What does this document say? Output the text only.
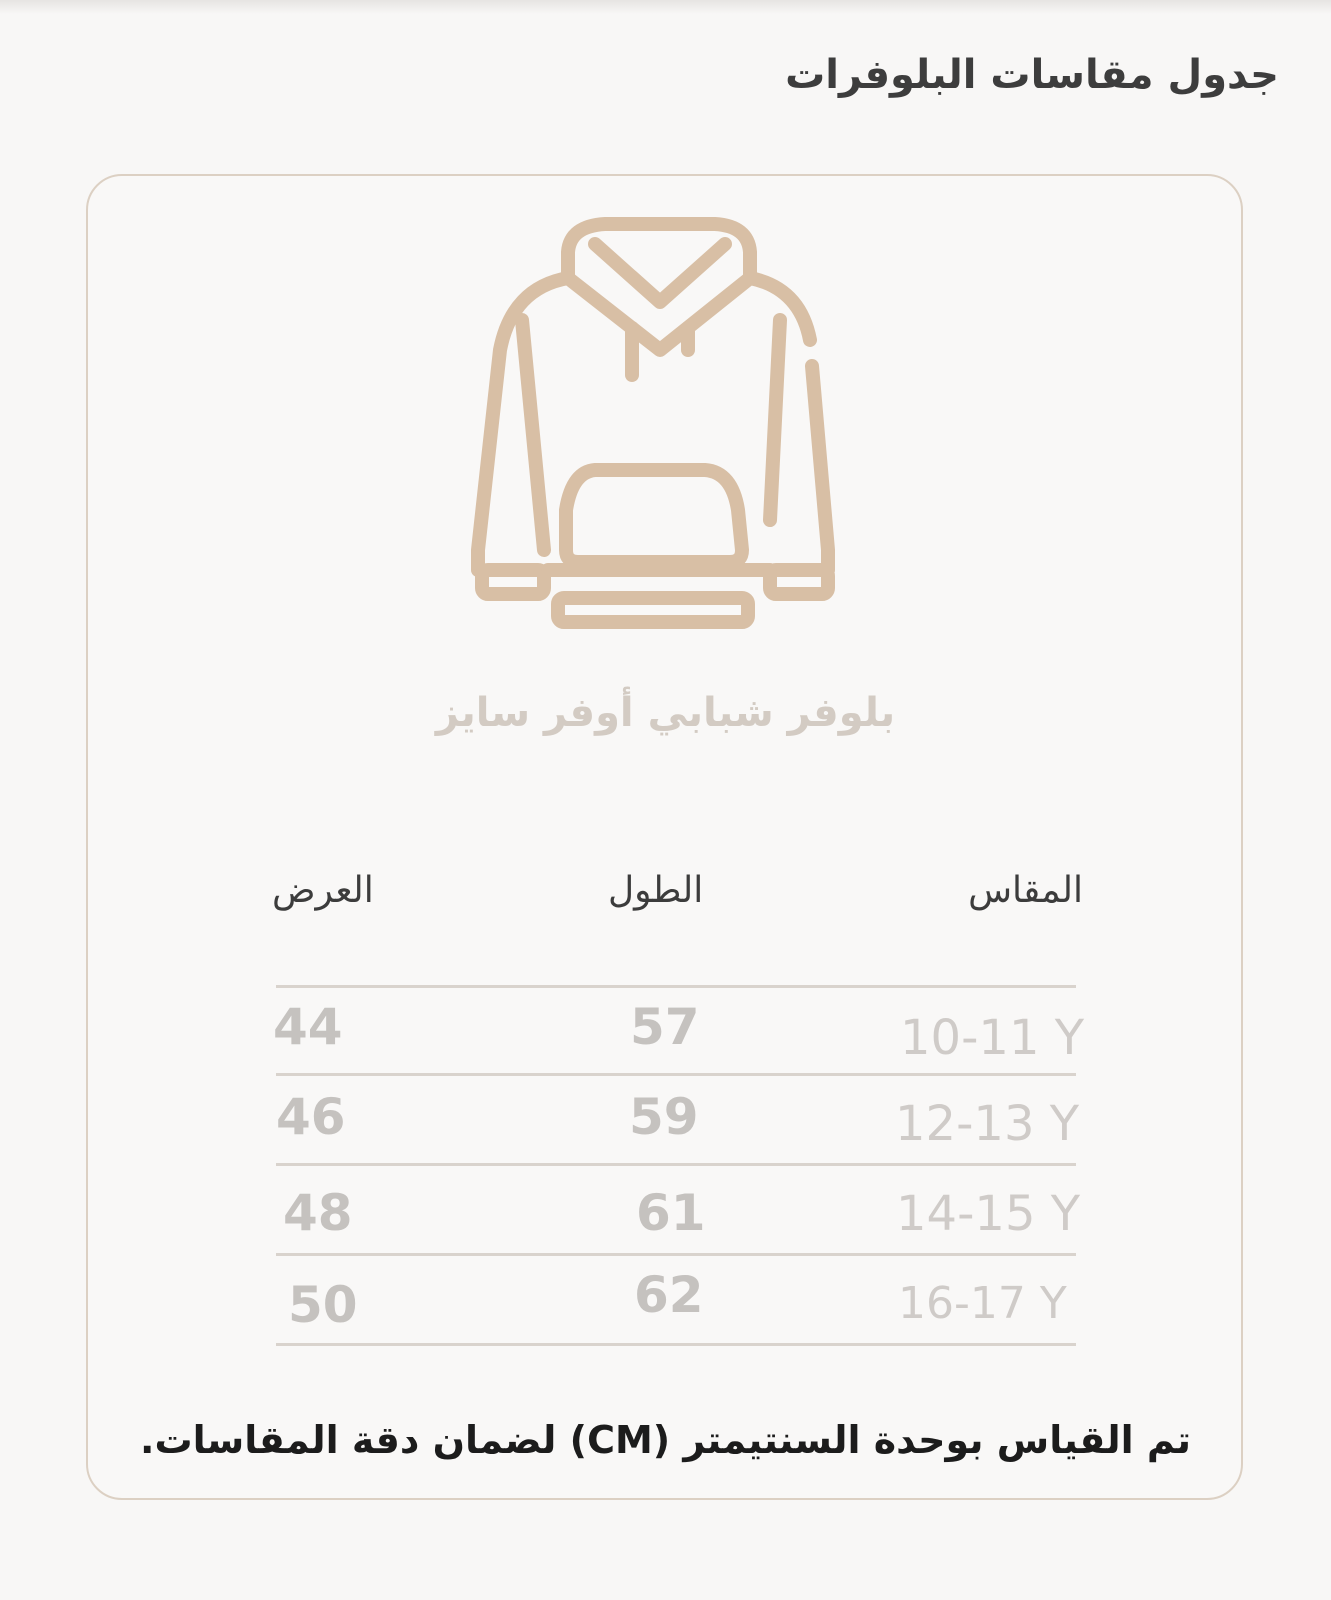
جدول مقاسات البلوفرات
بلوفر شبابي أوفر سايز
العرض	الطول	المقاس
44	57	10-11 Y
46	59	12-13 Y
48	61	14-15 Y
50	62	16-17 Y
تم القياس بوحدة السنتيمتر (CM) لضمان دقة المقاسات.
